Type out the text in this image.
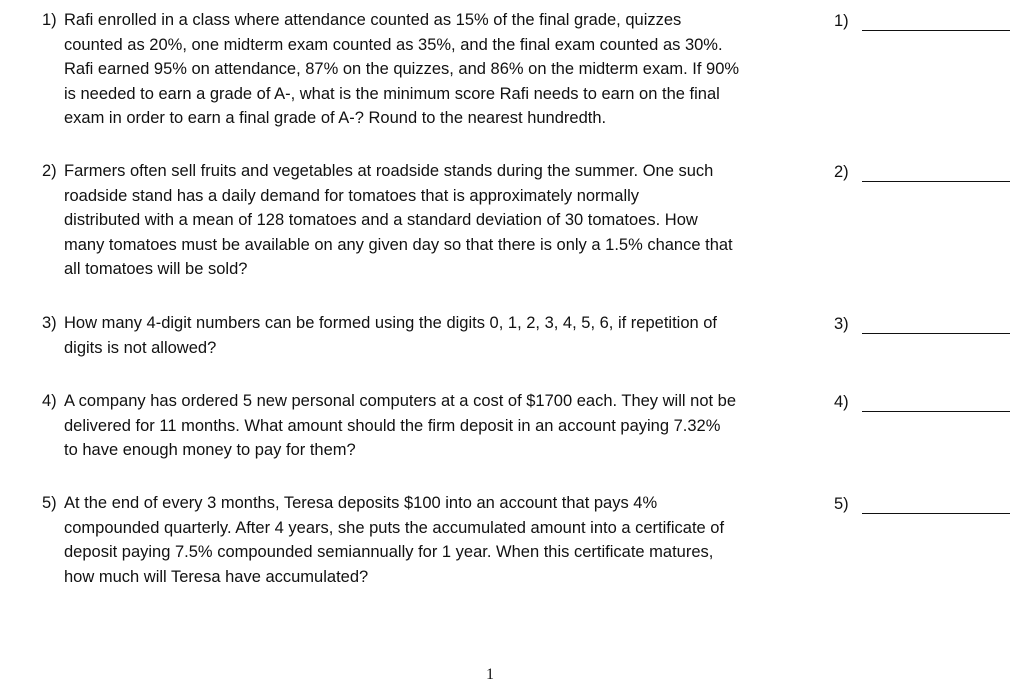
1) Rafi enrolled in a class where attendance counted as 15% of the final grade, quizzes
counted as 20%, one midterm exam counted as 35%, and the final exam counted as 30%.
Rafi earned 95% on attendance, 87% on the quizzes, and 86% on the midterm exam. If 90%
is needed to earn a grade of A-, what is the minimum score Rafi needs to earn on the final
exam in order to earn a final grade of A-? Round to the nearest hundredth.
1)
2) Farmers often sell fruits and vegetables at roadside stands during the summer. One such
roadside stand has a daily demand for tomatoes that is approximately normally
distributed with a mean of 128 tomatoes and a standard deviation of 30 tomatoes. How
many tomatoes must be available on any given day so that there is only a 1.5% chance that
all tomatoes will be sold?
2)
3) How many 4-digit numbers can be formed using the digits 0, 1, 2, 3, 4, 5, 6, if repetition of
digits is not allowed?
3)
4) A company has ordered 5 new personal computers at a cost of $1700 each. They will not be
delivered for 11 months. What amount should the firm deposit in an account paying 7.32%
to have enough money to pay for them?
4)
5) At the end of every 3 months, Teresa deposits $100 into an account that pays 4%
compounded quarterly. After 4 years, she puts the accumulated amount into a certificate of
deposit paying 7.5% compounded semiannually for 1 year. When this certificate matures,
how much will Teresa have accumulated?
5)
1
